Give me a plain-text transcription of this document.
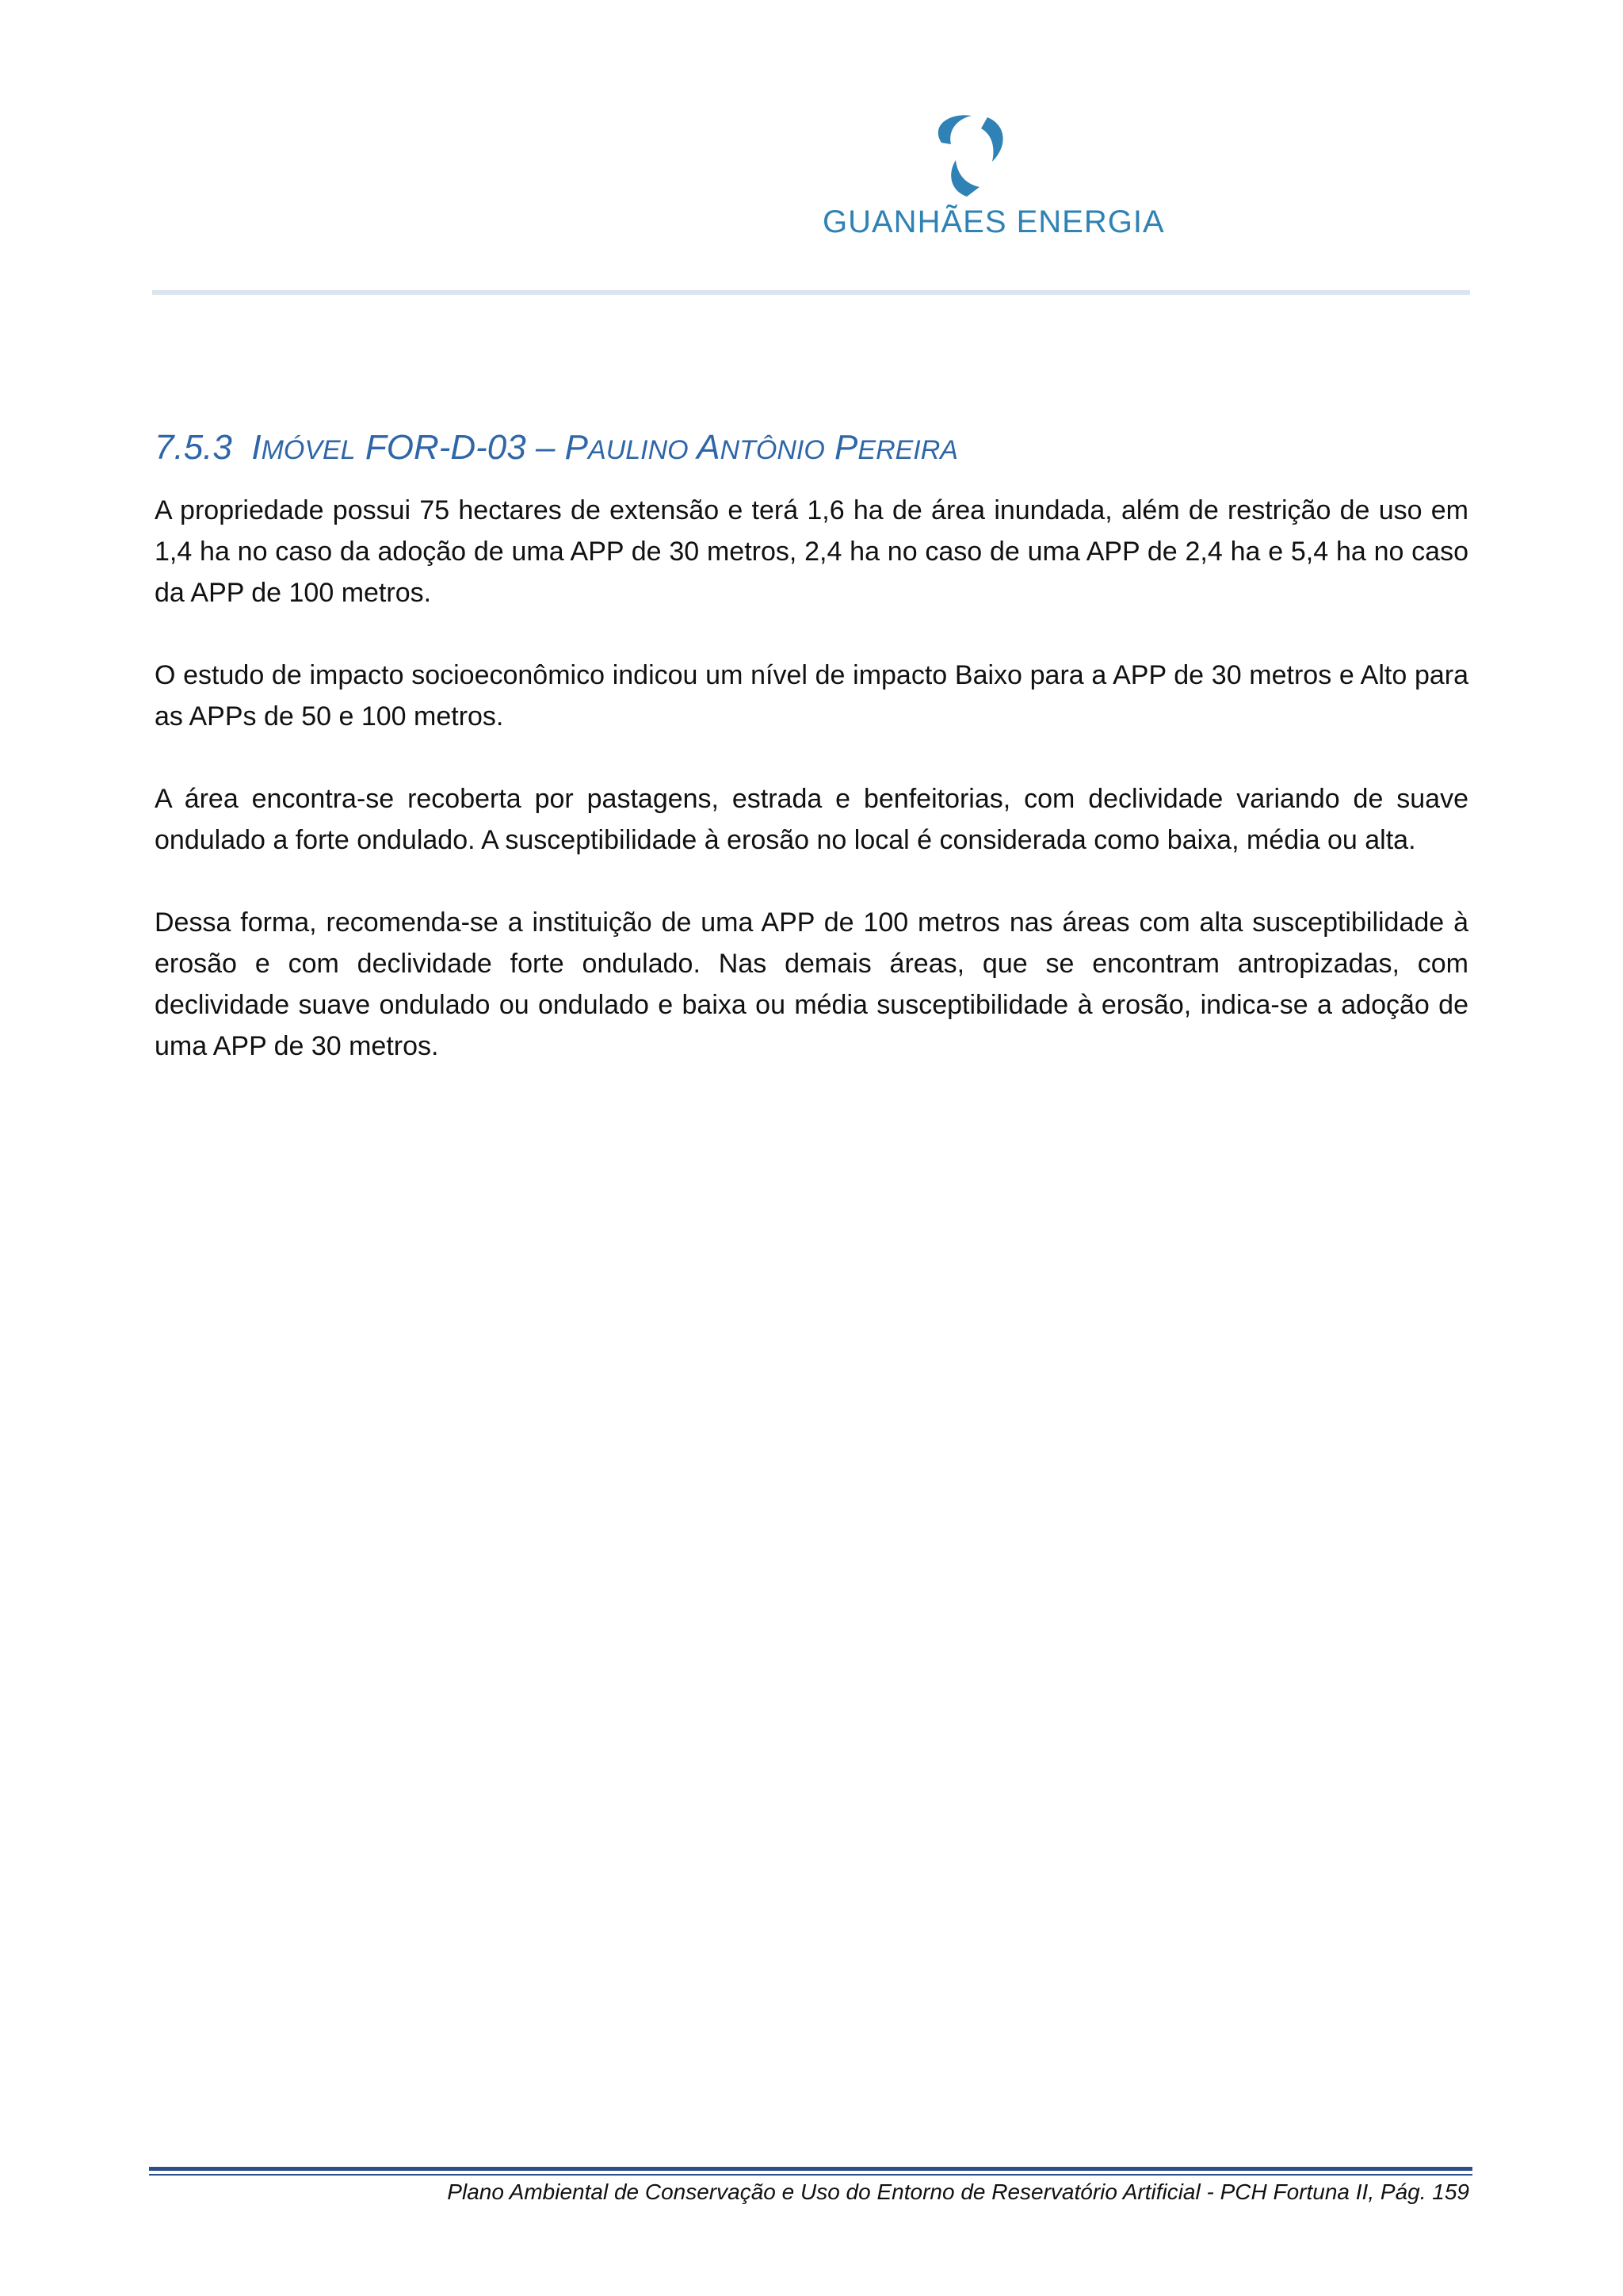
GUANHÃES ENERGIA
7.5.3 IMÓVEL FOR-D-03 – PAULINO ANTÔNIO PEREIRA

A propriedade possui 75 hectares de extensão e terá 1,6 ha de área inundada, além de restrição de uso em 1,4 ha no caso da adoção de uma APP de 30 metros, 2,4 ha no caso de uma APP de 2,4 ha e 5,4 ha no caso da APP de 100 metros.

O estudo de impacto socioeconômico indicou um nível de impacto Baixo para a APP de 30 metros e Alto para as APPs de 50 e 100 metros.

A área encontra-se recoberta por pastagens, estrada e benfeitorias, com declividade variando de suave ondulado a forte ondulado. A susceptibilidade à erosão no local é considerada como baixa, média ou alta.

Dessa forma, recomenda-se a instituição de uma APP de 100 metros nas áreas com alta susceptibilidade à erosão e com declividade forte ondulado. Nas demais áreas, que se encontram antropizadas, com declividade suave ondulado ou ondulado e baixa ou média susceptibilidade à erosão, indica-se a adoção de uma APP de 30 metros.

Plano Ambiental de Conservação e Uso do Entorno de Reservatório Artificial - PCH Fortuna II, Pág. 159
